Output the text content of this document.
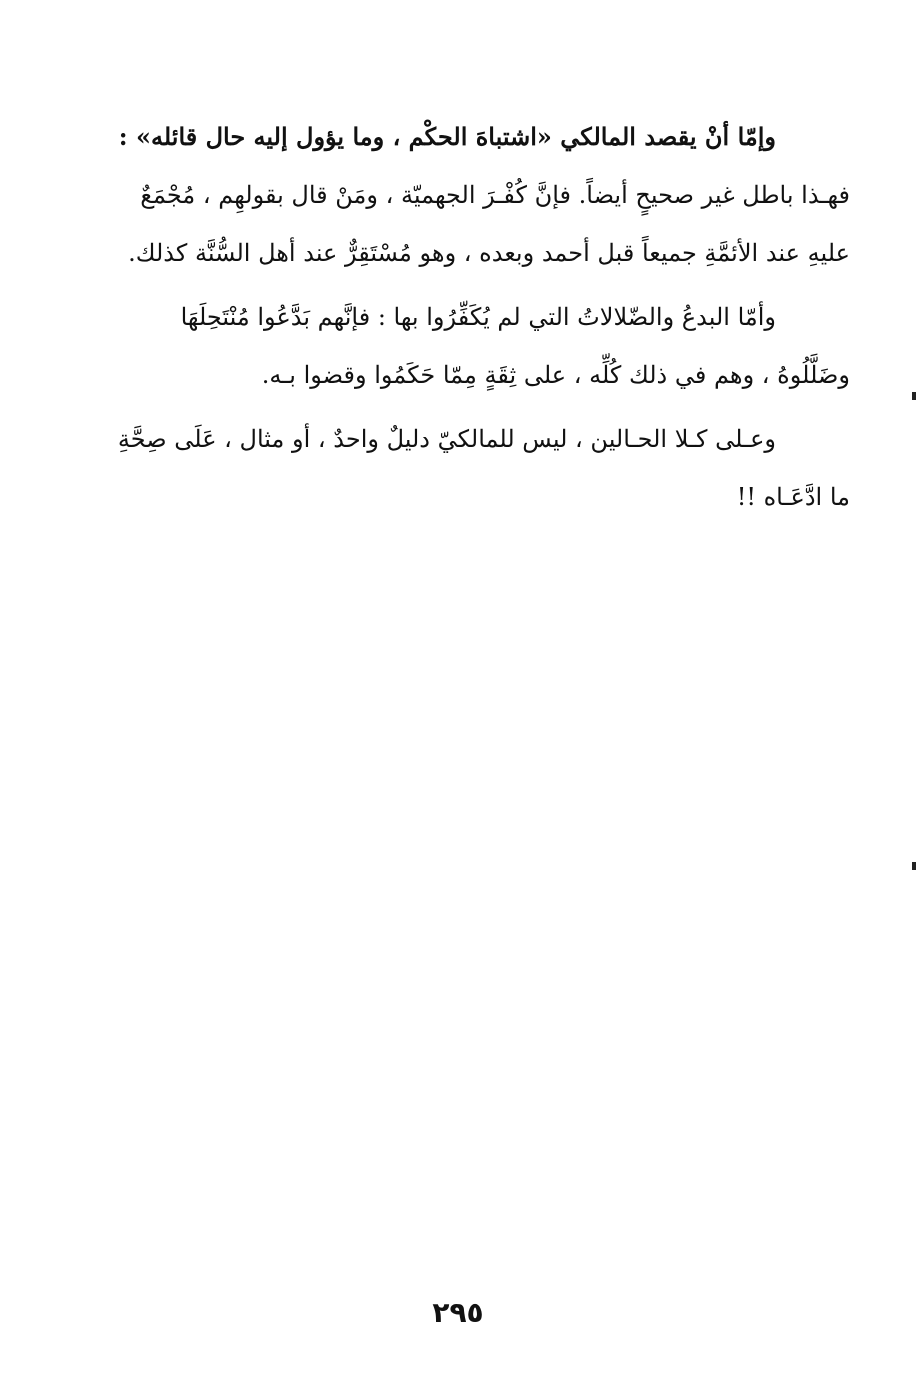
وإمّا أنْ يقصد المالكي «اشتباهَ الحكْم ، وما يؤول إليه حال قائله» :
فهـذا باطل غير صحيحٍ أيضاً. فإنَّ كُفْـرَ الجهميّة ، ومَنْ قال بقولهِم ، مُجْمَعٌ
عليهِ عند الأئمَّةِ جميعاً قبل أحمد وبعده ، وهو مُسْتَقِرٌّ عند أهل السُّنَّة كذلك.
وأمّا البدعُ والضّلالاتُ التي لم يُكَفِّرُوا بها : فإنَّهم بَدَّعُوا مُنْتَحِلَهَا
وضَلَّلُوهُ ، وهم في ذلك كُلِّه ، على ثِقَةٍ مِمّا حَكَمُوا وقضوا بـه.
وعـلى كـلا الحـالين ، ليس للمالكيّ دليلٌ واحدٌ ، أو مثال ، عَلَى صِحَّةِ
ما ادَّعَـاه !!
٢٩٥
